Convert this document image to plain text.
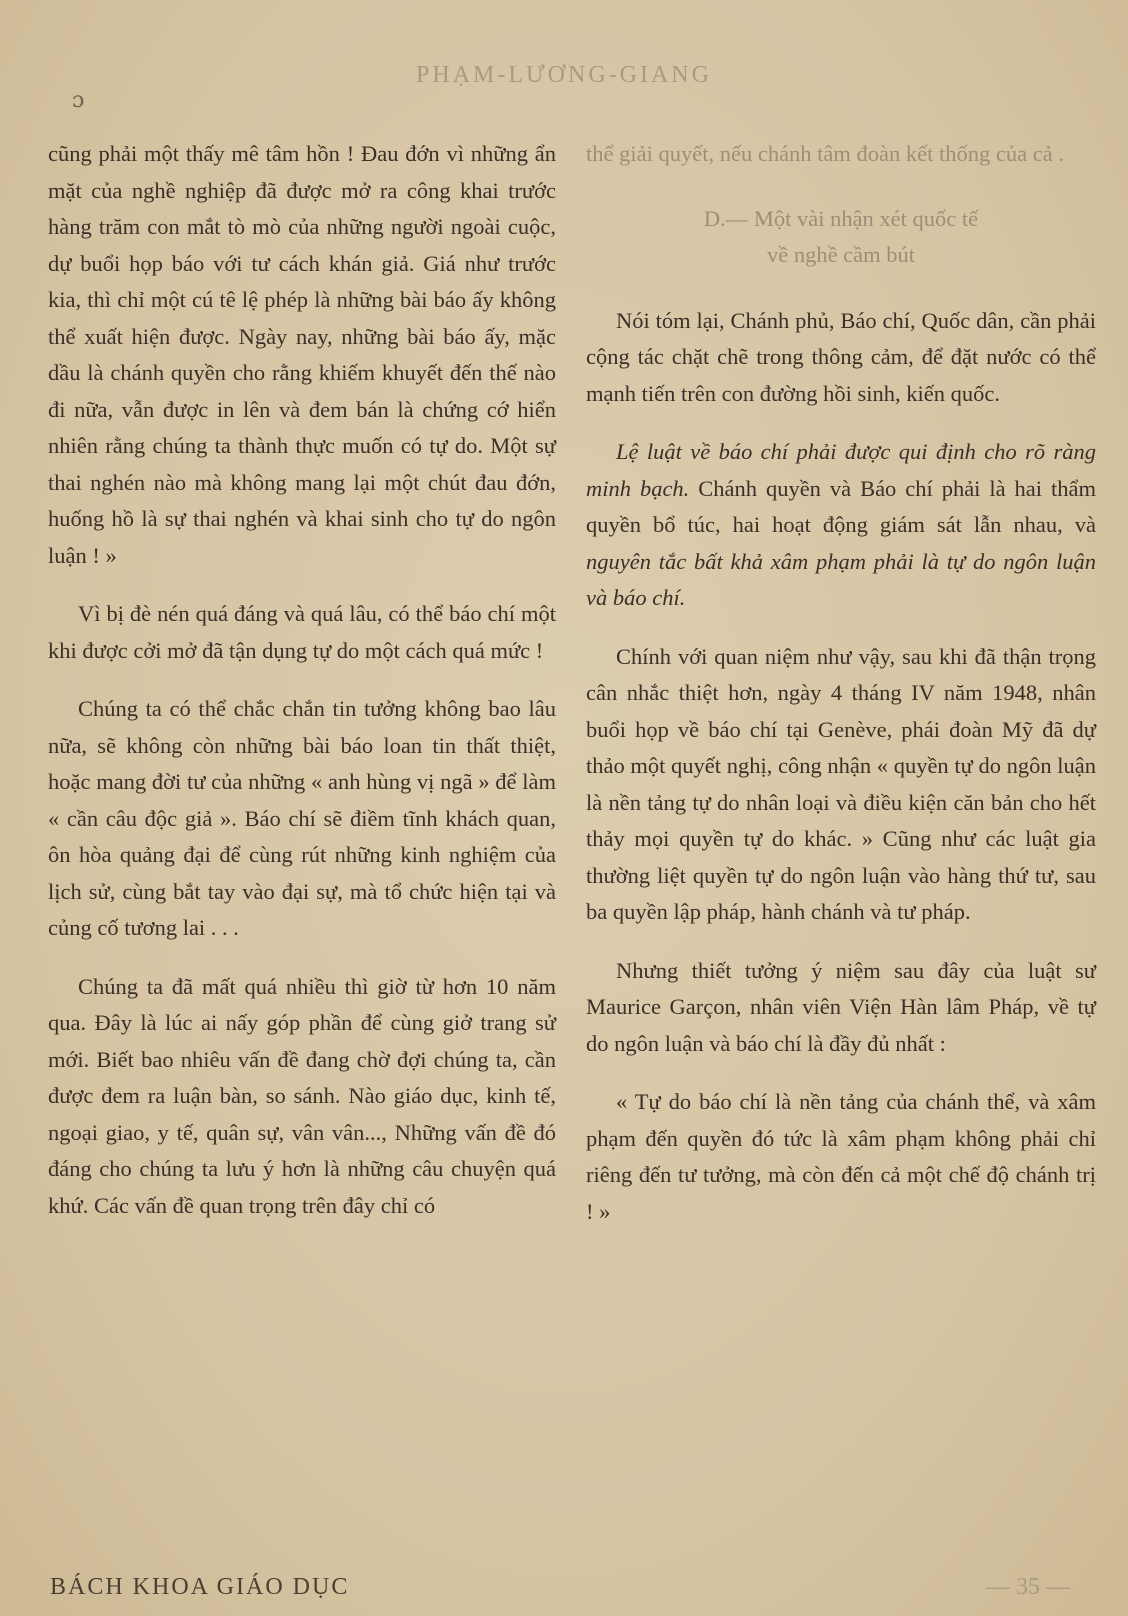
PHẠM-LƯƠNG-GIANG
ɔ

cũng phải một thấy mê tâm hồn ! Đau đớn vì những ẩn mặt của nghề nghiệp đã được mở ra công khai trước hàng trăm con mắt tò mò của những người ngoài cuộc, dự buổi họp báo với tư cách khán giả. Giá như trước kia, thì chỉ một cú tê lệ phép là những bài báo ấy không thể xuất hiện được. Ngày nay, những bài báo ấy, mặc dầu là chánh quyền cho rằng khiếm khuyết đến thế nào đi nữa, vẫn được in lên và đem bán là chứng cớ hiển nhiên rằng chúng ta thành thực muốn có tự do. Một sự thai nghén nào mà không mang lại một chút đau đớn, huống hồ là sự thai nghén và khai sinh cho tự do ngôn luận ! »

Vì bị đè nén quá đáng và quá lâu, có thể báo chí một khi được cởi mở đã tận dụng tự do một cách quá mức !

Chúng ta có thể chắc chắn tin tưởng không bao lâu nữa, sẽ không còn những bài báo loan tin thất thiệt, hoặc mang đời tư của những « anh hùng vị ngã » để làm « cần câu độc giả ». Báo chí sẽ điềm tĩnh khách quan, ôn hòa quảng đại để cùng rút những kinh nghiệm của lịch sử, cùng bắt tay vào đại sự, mà tổ chức hiện tại và củng cố tương lai . . .

Chúng ta đã mất quá nhiều thì giờ từ hơn 10 năm qua. Đây là lúc ai nấy góp phần để cùng giở trang sử mới. Biết bao nhiêu vấn đề đang chờ đợi chúng ta, cần được đem ra luận bàn, so sánh. Nào giáo dục, kinh tế, ngoại giao, y tế, quân sự, vân vân..., Những vấn đề đó đáng cho chúng ta lưu ý hơn là những câu chuyện quá khứ. Các vấn đề quan trọng trên đây chỉ có

thể giải quyết, nếu chánh tâm đoàn kết thống của cả .

D.— Một vài nhận xét quốc tế
về nghề cầm bút

Nói tóm lại, Chánh phủ, Báo chí, Quốc dân, cần phải cộng tác chặt chẽ trong thông cảm, để đặt nước có thể mạnh tiến trên con đường hồi sinh, kiến quốc.

Lệ luật về báo chí phải được qui định cho rõ ràng minh bạch. Chánh quyền và Báo chí phải là hai thẩm quyền bổ túc, hai hoạt động giám sát lẫn nhau, và nguyên tắc bất khả xâm phạm phải là tự do ngôn luận và báo chí.

Chính với quan niệm như vậy, sau khi đã thận trọng cân nhắc thiệt hơn, ngày 4 tháng IV năm 1948, nhân buổi họp về báo chí tại Genève, phái đoàn Mỹ đã dự thảo một quyết nghị, công nhận « quyền tự do ngôn luận là nền tảng tự do nhân loại và điều kiện căn bản cho hết thảy mọi quyền tự do khác. » Cũng như các luật gia thường liệt quyền tự do ngôn luận vào hàng thứ tư, sau ba quyền lập pháp, hành chánh và tư pháp.

Nhưng thiết tưởng ý niệm sau đây của luật sư Maurice Garçon, nhân viên Viện Hàn lâm Pháp, về tự do ngôn luận và báo chí là đầy đủ nhất :

« Tự do báo chí là nền tảng của chánh thể, và xâm phạm đến quyền đó tức là xâm phạm không phải chỉ riêng đến tư tưởng, mà còn đến cả một chế độ chánh trị ! »

BÁCH KHOA GIÁO DỤC	— 35 —
